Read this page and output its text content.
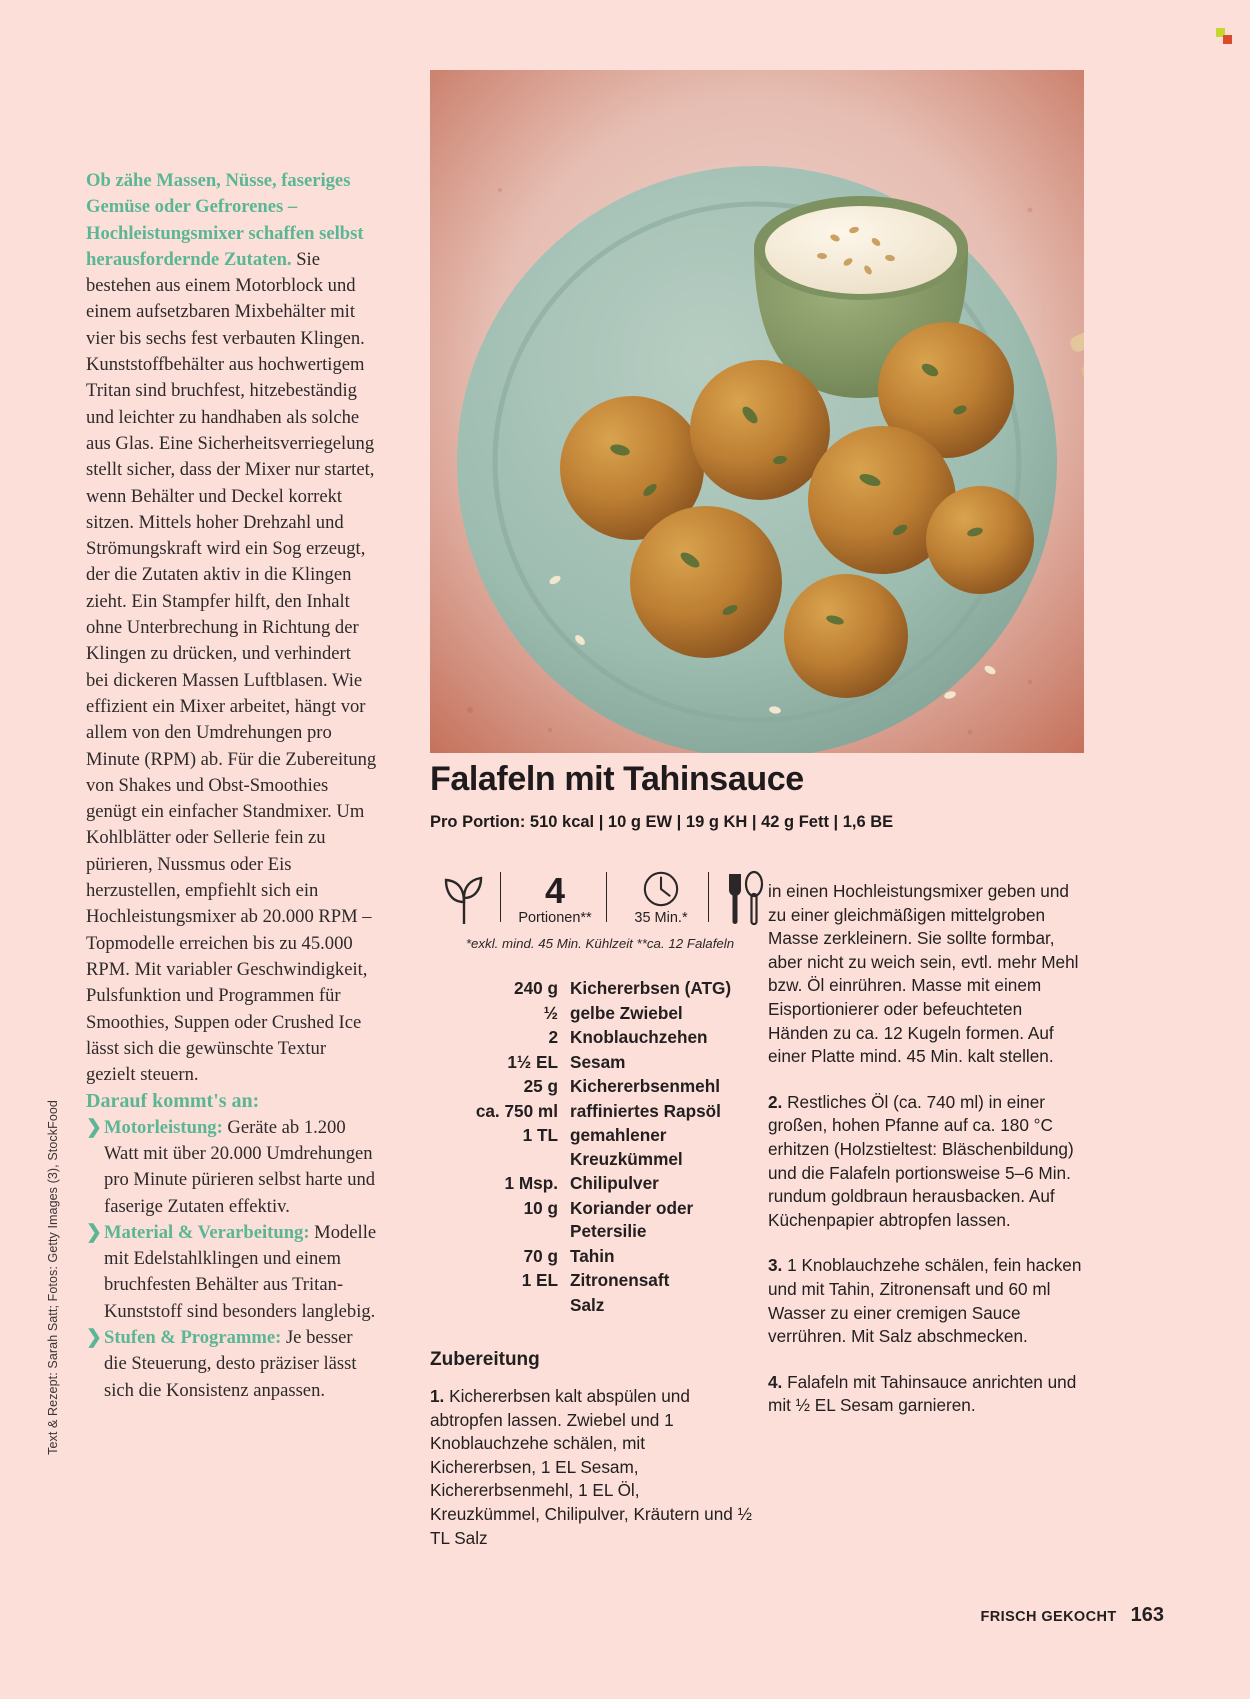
Text & Rezept: Sarah Satt; Fotos: Getty Images (3), StockFood

Ob zähe Massen, Nüsse, faseriges Gemüse oder Gefrorenes – Hochleistungsmixer schaffen selbst herausfordernde Zutaten. Sie bestehen aus einem Motorblock und einem aufsetzbaren Mixbehälter mit vier bis sechs fest verbauten Klingen. Kunststoffbehälter aus hochwertigem Tritan sind bruchfest, hitzebeständig und leichter zu handhaben als solche aus Glas. Eine Sicherheitsverriegelung stellt sicher, dass der Mixer nur startet, wenn Behälter und Deckel korrekt sitzen. Mittels hoher Drehzahl und Strömungskraft wird ein Sog erzeugt, der die Zutaten aktiv in die Klingen zieht. Ein Stampfer hilft, den Inhalt ohne Unterbrechung in Richtung der Klingen zu drücken, und verhindert bei dickeren Massen Luftblasen. Wie effizient ein Mixer arbeitet, hängt vor allem von den Umdrehungen pro Minute (RPM) ab. Für die Zubereitung von Shakes und Obst-Smoothies genügt ein einfacher Standmixer. Um Kohlblätter oder Sellerie fein zu pürieren, Nussmus oder Eis herzustellen, empfiehlt sich ein Hochleistungsmixer ab 20.000 RPM – Topmodelle erreichen bis zu 45.000 RPM. Mit variabler Geschwindigkeit, Pulsfunktion und Programmen für Smoothies, Suppen oder Crushed Ice lässt sich die gewünschte Textur gezielt steuern.

Darauf kommt's an:

❯ Motorleistung: Geräte ab 1.200 Watt mit über 20.000 Umdrehungen pro Minute pürieren selbst harte und faserige Zutaten effektiv.

❯ Material & Verarbeitung: Modelle mit Edelstahlklingen und einem bruchfesten Behälter aus Tritan-Kunststoff sind besonders langlebig.

❯ Stufen & Programme: Je besser die Steuerung, desto präziser lässt sich die Konsistenz anpassen.

Falafeln mit Tahinsauce

Pro Portion: 510 kcal | 10 g EW | 19 g KH | 42 g Fett | 1,6 BE

4
Portionen**	35 Min.*
*exkl. mind. 45 Min. Kühlzeit **ca. 12 Falafeln
240 g Kichererbsen (ATG)
½ gelbe Zwiebel
2 Knoblauchzehen
1½ EL Sesam
25 g Kichererbsenmehl
ca. 750 ml raffiniertes Rapsöl
1 TL gemahlener Kreuzkümmel
1 Msp. Chilipulver
10 g Koriander oder Petersilie
70 g Tahin
1 EL Zitronensaft
Salz
Zubereitung

1. Kichererbsen kalt abspülen und abtropfen lassen. Zwiebel und 1 Knoblauchzehe schälen, mit Kichererbsen, 1 EL Sesam, Kichererbsenmehl, 1 EL Öl, Kreuzkümmel, Chilipulver, Kräutern und ½ TL Salz

in einen Hochleistungsmixer geben und zu einer gleichmäßigen mittelgroben Masse zerkleinern. Sie sollte formbar, aber nicht zu weich sein, evtl. mehr Mehl bzw. Öl einrühren. Masse mit einem Eisportionierer oder befeuchteten Händen zu ca. 12 Kugeln formen. Auf einer Platte mind. 45 Min. kalt stellen.

2. Restliches Öl (ca. 740 ml) in einer großen, hohen Pfanne auf ca. 180 °C erhitzen (Holzstieltest: Bläschenbildung) und die Falafeln portionsweise 5–6 Min. rundum goldbraun herausbacken. Auf Küchenpapier abtropfen lassen.

3. 1 Knoblauchzehe schälen, fein hacken und mit Tahin, Zitronensaft und 60 ml Wasser zu einer cremigen Sauce verrühren. Mit Salz abschmecken.

4. Falafeln mit Tahinsauce anrichten und mit ½ EL Sesam garnieren.

FRISCH GEKOCHT 163
